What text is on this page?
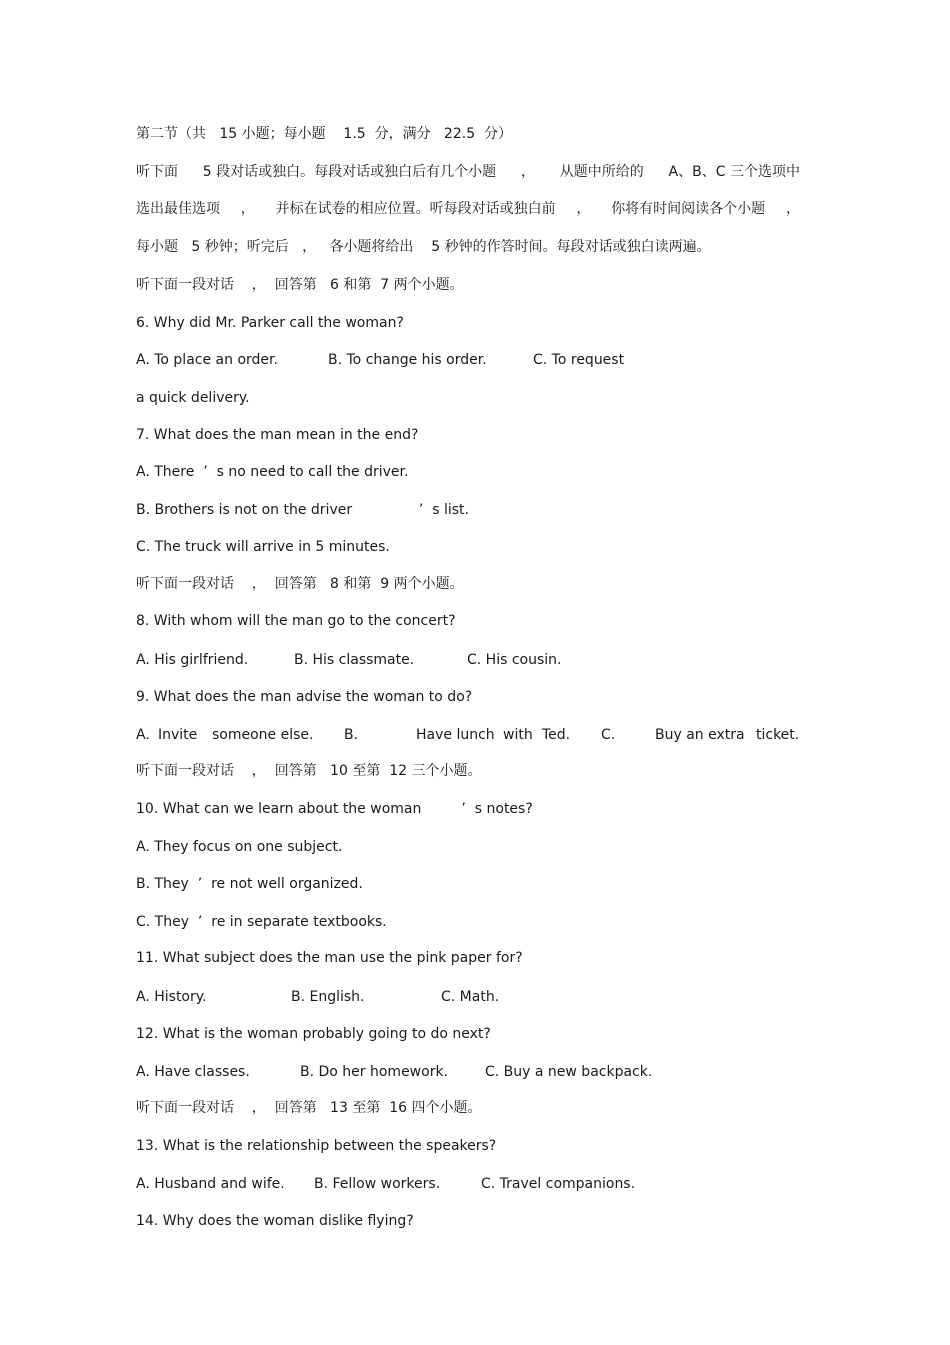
第二节（共   15 小题；每小题    1.5  分，满分   22.5  分）
听下面 5 段对话或独白。每段对话或独白后有几个小题 ， 从题中所给的 A、B、C 三个选项中
选出最佳选项 ， 并标在试卷的相应位置。听每段对话或独白前 ， 你将有时间阅读各个小题 ，
每小题 5 秒钟；听完后 ， 各小题将给出 5 秒钟的作答时间。每段对话或独白读两遍。
听下面一段对话    ，  回答第   6 和第  7 两个小题。
6. Why did Mr. Parker call the woman?
A. To place an order.	B. To change his order.	C. To request
a quick delivery.
7. What does the man mean in the end?
A. There  ’  s no need to call the driver.
B. Brothers is not on the driver               ’  s list.
C. The truck will arrive in 5 minutes.
听下面一段对话    ，  回答第   8 和第  9 两个小题。
8. With whom will the man go to the concert?
A. His girlfriend.	B. His classmate.	C. His cousin.
9. What does the man advise the woman to do?
A. Invite someone else. B.	Have lunch with Ted. C.	Buy an extra ticket.
听下面一段对话    ，  回答第   10 至第  12 三个小题。
10. What can we learn about the woman         ’  s notes?
A. They focus on one subject.
B. They  ’  re not well organized.
C. They  ’  re in separate textbooks.
11. What subject does the man use the pink paper for?
A. History.	B. English.	C. Math.
12. What is the woman probably going to do next?
A. Have classes.	B. Do her homework.	C. Buy a new backpack.
听下面一段对话    ，  回答第   13 至第  16 四个小题。
13. What is the relationship between the speakers?
A. Husband and wife. B. Fellow workers.	C. Travel companions.
14. Why does the woman dislike flying?
